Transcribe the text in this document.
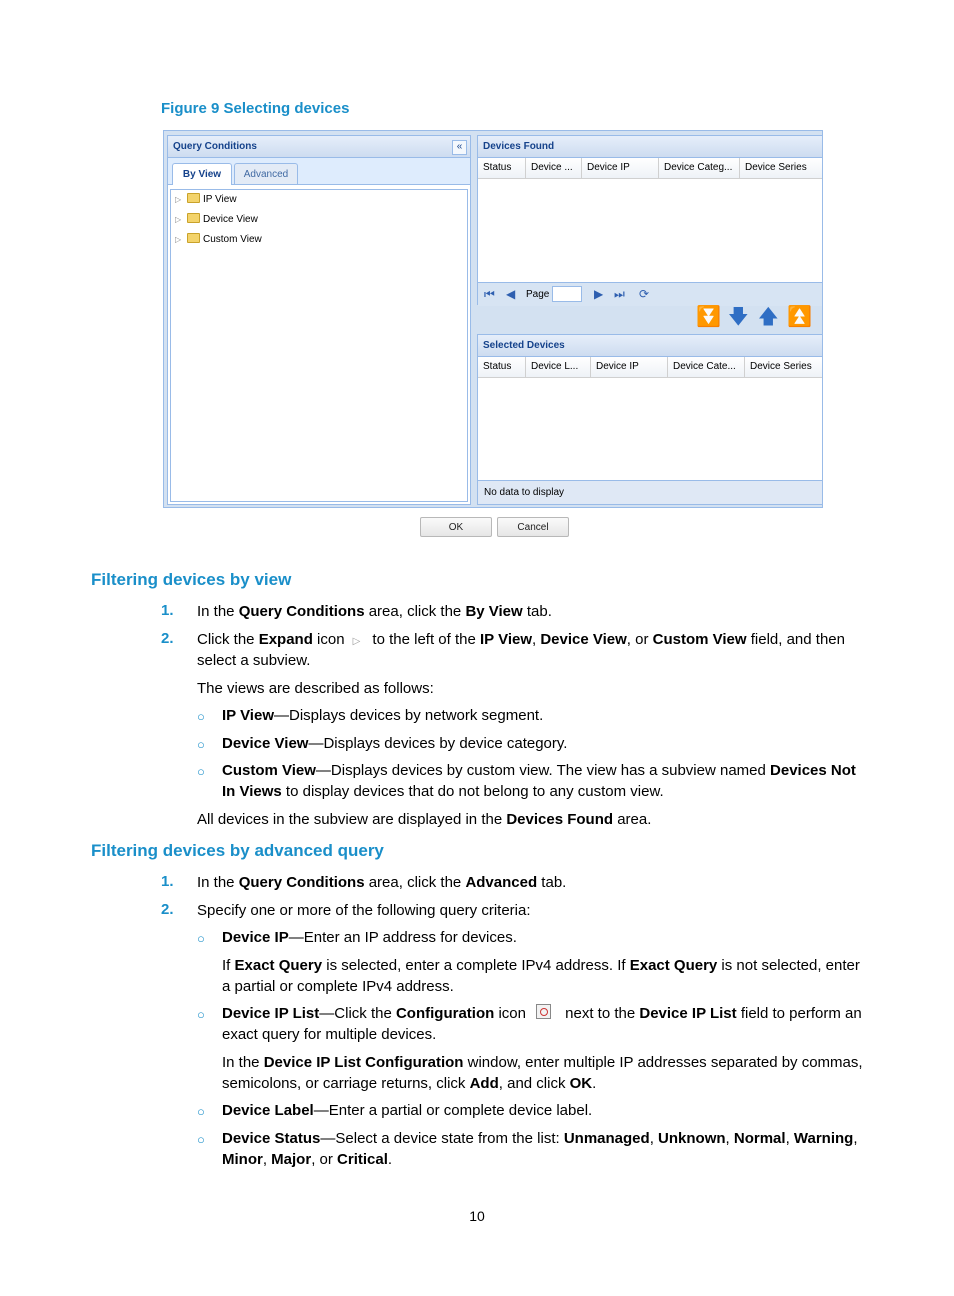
Figure 9 Selecting devices
Query Conditions	«
By View	Advanced
▷ IP View
▷ Device View
▷ Custom View
Devices Found
Status	Device ...	Device IP	Device Categ...	Device Series
⏮ ◀ Page	▶ ⏭ ⟳
⏬ 🡇 🡅 ⏫
Selected Devices
Status	Device L...	Device IP	Device Cate...	Device Series
No data to display
OK	Cancel
Filtering devices by view
1. In the Query Conditions area, click the By View tab.
2. Click the Expand icon ▷ to the left of the IP View, Device View, or Custom View field, and then
select a subview.
The views are described as follows:
○ IP View—Displays devices by network segment.
○ Device View—Displays devices by device category.
○ Custom View—Displays devices by custom view. The view has a subview named Devices Not
In Views to display devices that do not belong to any custom view.
All devices in the subview are displayed in the Devices Found area.
Filtering devices by advanced query
1. In the Query Conditions area, click the Advanced tab.
2. Specify one or more of the following query criteria:
○ Device IP—Enter an IP address for devices.
If Exact Query is selected, enter a complete IPv4 address. If Exact Query is not selected, enter
a partial or complete IPv4 address.
○ Device IP List—Click the Configuration icon next to the Device IP List field to perform an
exact query for multiple devices.
In the Device IP List Configuration window, enter multiple IP addresses separated by commas,
semicolons, or carriage returns, click Add, and click OK.
○ Device Label—Enter a partial or complete device label.
○ Device Status—Select a device state from the list: Unmanaged, Unknown, Normal, Warning,
Minor, Major, or Critical.
10
